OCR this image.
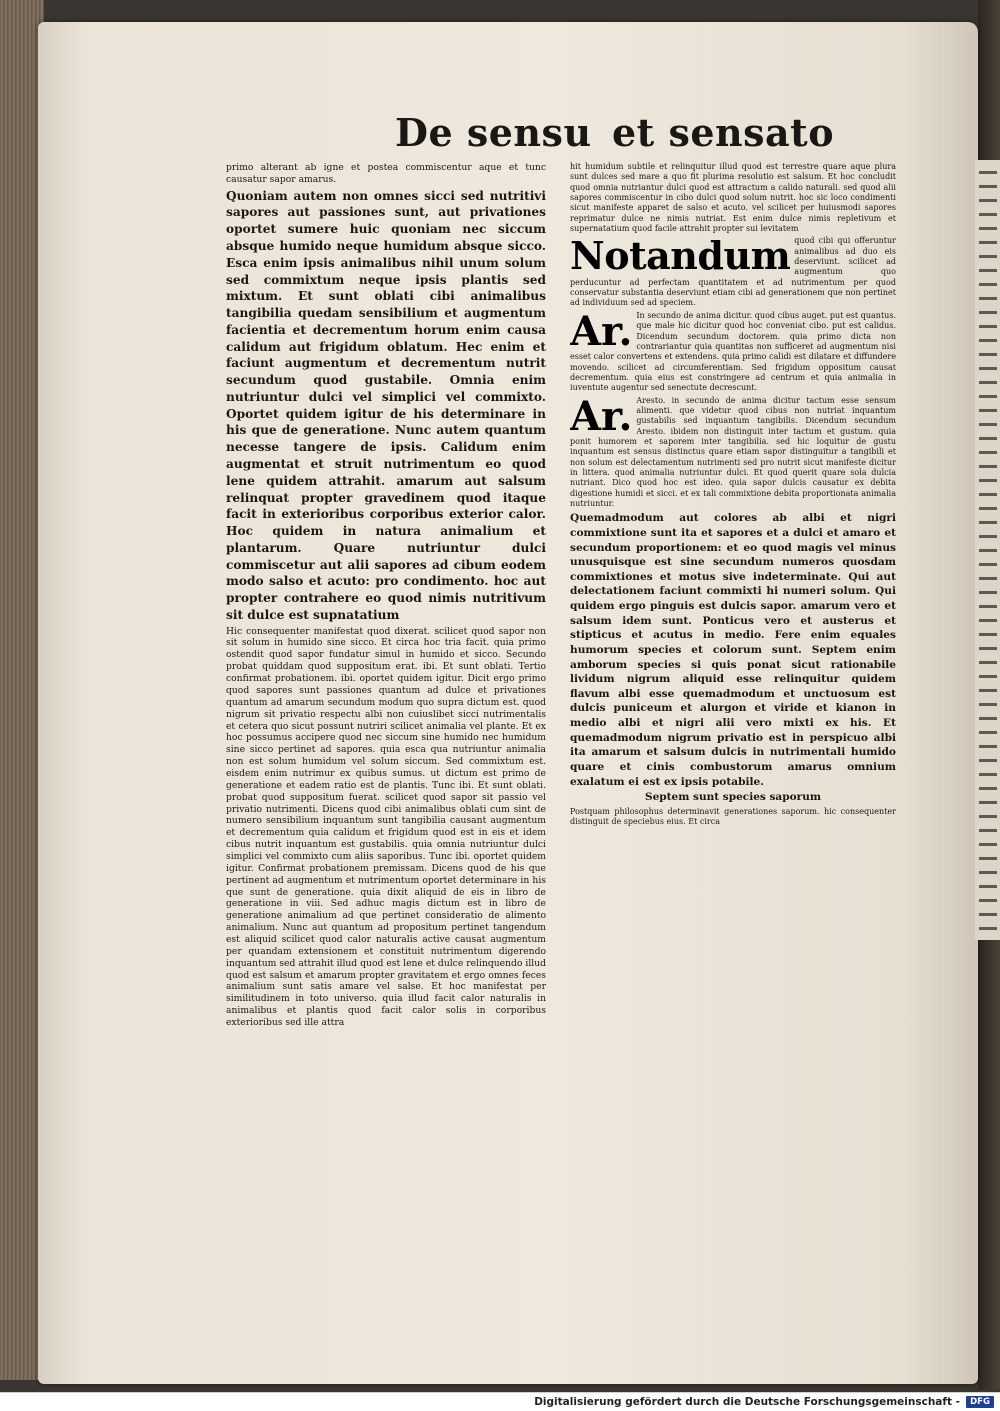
De sensu et sensato

primo alterant ab igne et postea commiscentur aque et tunc causatur sapor amarus.

Quoniam autem non omnes sicci sed nutritivi sapores aut passiones sunt, aut privationes oportet sumere huic quoniam nec siccum absque humido neque humidum absque sicco. Esca enim ipsis animalibus nihil unum solum sed commixtum neque ipsis plantis sed mixtum. Et sunt oblati cibi animalibus tangibilia quedam sensibilium et augmentum facientia et decrementum horum enim causa calidum aut frigidum oblatum. Hec enim et faciunt augmentum et decrementum nutrit secundum quod gustabile. Omnia enim nutriuntur dulci vel simplici vel commixto. Oportet quidem igitur de his determinare in his que de generatione. Nunc autem quantum necesse tangere de ipsis. Calidum enim augmentat et struit nutrimentum eo quod lene quidem attrahit. amarum aut salsum relinquat propter gravedinem quod itaque facit in exterioribus corporibus exterior calor. Hoc quidem in natura animalium et plantarum. Quare nutriuntur dulci commiscetur aut alii sapores ad cibum eodem modo salso et acuto: pro condimento. hoc aut propter contrahere eo quod nimis nutritivum sit dulce est supnatatium

Hic consequenter manifestat quod dixerat. scilicet quod sapor non sit solum in humido sine sicco. Et circa hoc tria facit. quia primo ostendit quod sapor fundatur simul in humido et sicco. Secundo probat quiddam quod suppositum erat. ibi. Et sunt oblati. Tertio confirmat probationem. ibi. oportet quidem igitur. Dicit ergo primo quod sapores sunt passiones quantum ad dulce et privationes quantum ad amarum secundum modum quo supra dictum est. quod nigrum sit privatio respectu albi non cuiuslibet sicci nutrimentalis et cetera quo sicut possunt nutriri scilicet animalia vel plante. Et ex hoc possumus accipere quod nec siccum sine humido nec humidum sine sicco pertinet ad sapores. quia esca qua nutriuntur animalia non est solum humidum vel solum siccum. Sed commixtum est. eisdem enim nutrimur ex quibus sumus. ut dictum est primo de generatione et eadem ratio est de plantis. Tunc ibi. Et sunt oblati. probat quod suppositum fuerat. scilicet quod sapor sit passio vel privatio nutrimenti. Dicens quod cibi animalibus oblati cum sint de numero sensibilium inquantum sunt tangibilia causant augmentum et decrementum quia calidum et frigidum quod est in eis et idem cibus nutrit inquantum est gustabilis. quia omnia nutriuntur dulci simplici vel commixto cum aliis saporibus. Tunc ibi. oportet quidem igitur. Confirmat probationem premissam. Dicens quod de his que pertinent ad augmentum et nutrimentum oportet determinare in his que sunt de generatione. quia dixit aliquid de eis in libro de generatione in viii. Sed adhuc magis dictum est in libro de generatione animalium ad que pertinet consideratio de alimento animalium. Nunc aut quantum ad propositum pertinet tangendum est aliquid scilicet quod calor naturalis active causat augmentum per quandam extensionem et constituit nutrimentum digerendo inquantum sed attrahit illud quod est lene et dulce relinquendo illud quod est salsum et amarum propter gravitatem et ergo omnes feces animalium sunt satis amare vel salse. Et hoc manifestat per similitudinem in toto universo. quia illud facit calor naturalis in animalibus et plantis quod facit calor solis in corporibus exterioribus sed ille attra

hit humidum subtile et relinquitur illud quod est terrestre quare aque plura sunt dulces sed mare a quo fit plurima resolutio est salsum. Et hoc concludit quod omnia nutriantur dulci quod est attractum a calido naturali. sed quod alii sapores commiscentur in cibo dulci quod solum nutrit. hoc sic loco condimenti sicut manifeste apparet de salso et acuto. vel scilicet per huiusmodi sapores reprimatur dulce ne nimis nutriat. Est enim dulce nimis repletivum et supernatatium quod facile attrahit propter sui levitatem

Notandum quod cibi qui offeruntur animalibus ad duo eis deserviunt. scilicet ad augmentum quo perducuntur ad perfectam quantitatem et ad nutrimentum per quod conservatur substantia deserviunt etiam cibi ad generationem que non pertinet ad individuum sed ad speciem.

Ar. In secundo de anima dicitur. quod cibus auget. put est quantus. que male hic dicitur quod hoc conveniat cibo. put est calidus. Dicendum secundum doctorem. quia primo dicta non contrariantur quia quantitas non sufficeret ad augmentum nisi esset calor convertens et extendens. quia primo calidi est dilatare et diffundere movendo. scilicet ad circumferentiam. Sed frigidum oppositum causat decrementum. quia eius est constringere ad centrum et quia animalia in iuventute augentur sed senectute decrescunt.

Ar. Aresto. in secundo de anima dicitur tactum esse sensum alimenti. que videtur quod cibus non nutriat inquantum gustabilis sed inquantum tangibilis. Dicendum secundum Aresto. ibidem non distinguit inter tactum et gustum. quia ponit humorem et saporem inter tangibilia. sed hic loquitur de gustu inquantum est sensus distinctus quare etiam sapor distinguitur a tangibili et non solum est delectamentum nutrimenti sed pro nutrit sicut manifeste dicitur in littera. quod animalia nutriuntur dulci. Et quod querit quare sola dulcia nutriant. Dico quod hoc est ideo. quia sapor dulcis causatur ex debita digestione humidi et sicci. et ex tali commixtione debita proportionata animalia nutriuntur.

Quemadmodum aut colores ab albi et nigri commixtione sunt ita et sapores et a dulci et amaro et secundum proportionem: et eo quod magis vel minus unusquisque est sine secundum numeros quosdam commixtiones et motus sive indeterminate. Qui aut delectationem faciunt commixti hi numeri solum. Qui quidem ergo pinguis est dulcis sapor. amarum vero et salsum idem sunt. Ponticus vero et austerus et stipticus et acutus in medio. Fere enim equales humorum species et colorum sunt. Septem enim amborum species si quis ponat sicut rationabile lividum nigrum aliquid esse relinquitur quidem flavum albi esse quemadmodum et unctuosum est dulcis puniceum et alurgon et viride et kianon in medio albi et nigri alii vero mixti ex his. Et quemadmodum nigrum privatio est in perspicuo albi ita amarum et salsum dulcis in nutrimentali humido quare et cinis combustorum amarus omnium exalatum ei est ex ipsis potabile.

Septem sunt species saporum

Postquam philosophus determinavit generationes saporum. hic consequenter distinguit de speciebus eius. Et circa

Digitalisierung gefördert durch die Deutsche Forschungsgemeinschaft -	DFG
